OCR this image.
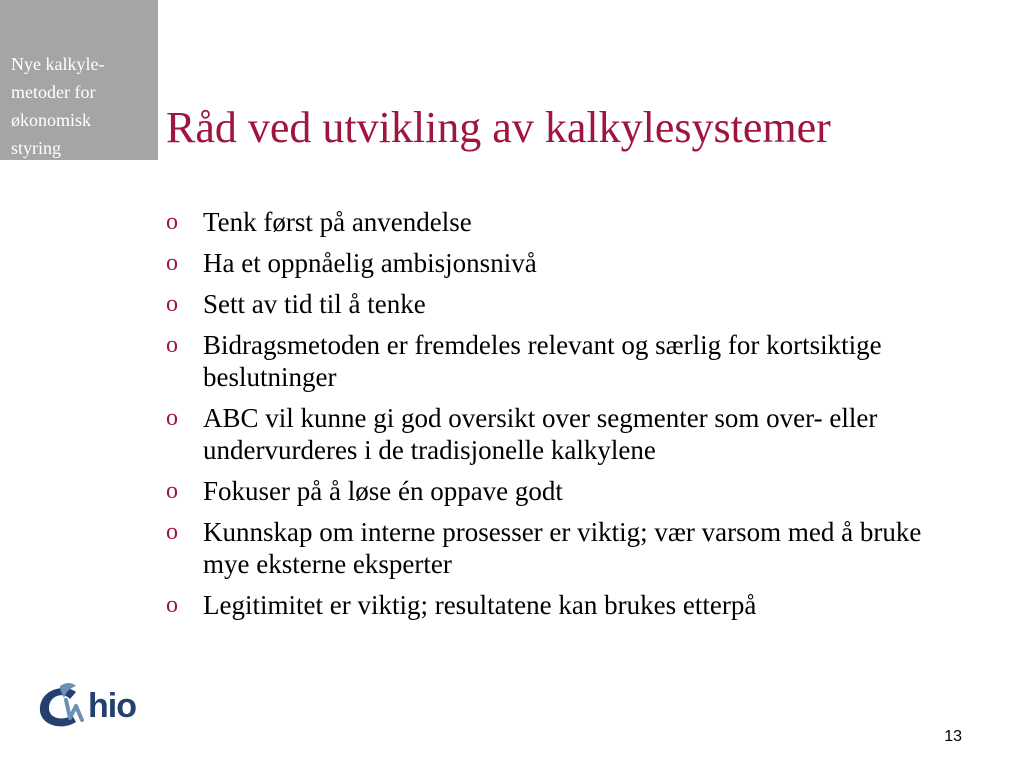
Nye kalkyle-
metoder for
økonomisk
styring	Råd ved utvikling av kalkylesystemer
o Tenk først på anvendelse
o Ha et oppnåelig ambisjonsnivå
o Sett av tid til å tenke
o Bidragsmetoden er fremdeles relevant og særlig for kortsiktige beslutninger
o ABC vil kunne gi god oversikt over segmenter som over- eller undervurderes i de tradisjonelle kalkylene
o Fokuser på å løse én oppave godt
o Kunnskap om interne prosesser er viktig; vær varsom med å bruke mye eksterne eksperter
o Legitimitet er viktig; resultatene kan brukes etterpå
hio
13
